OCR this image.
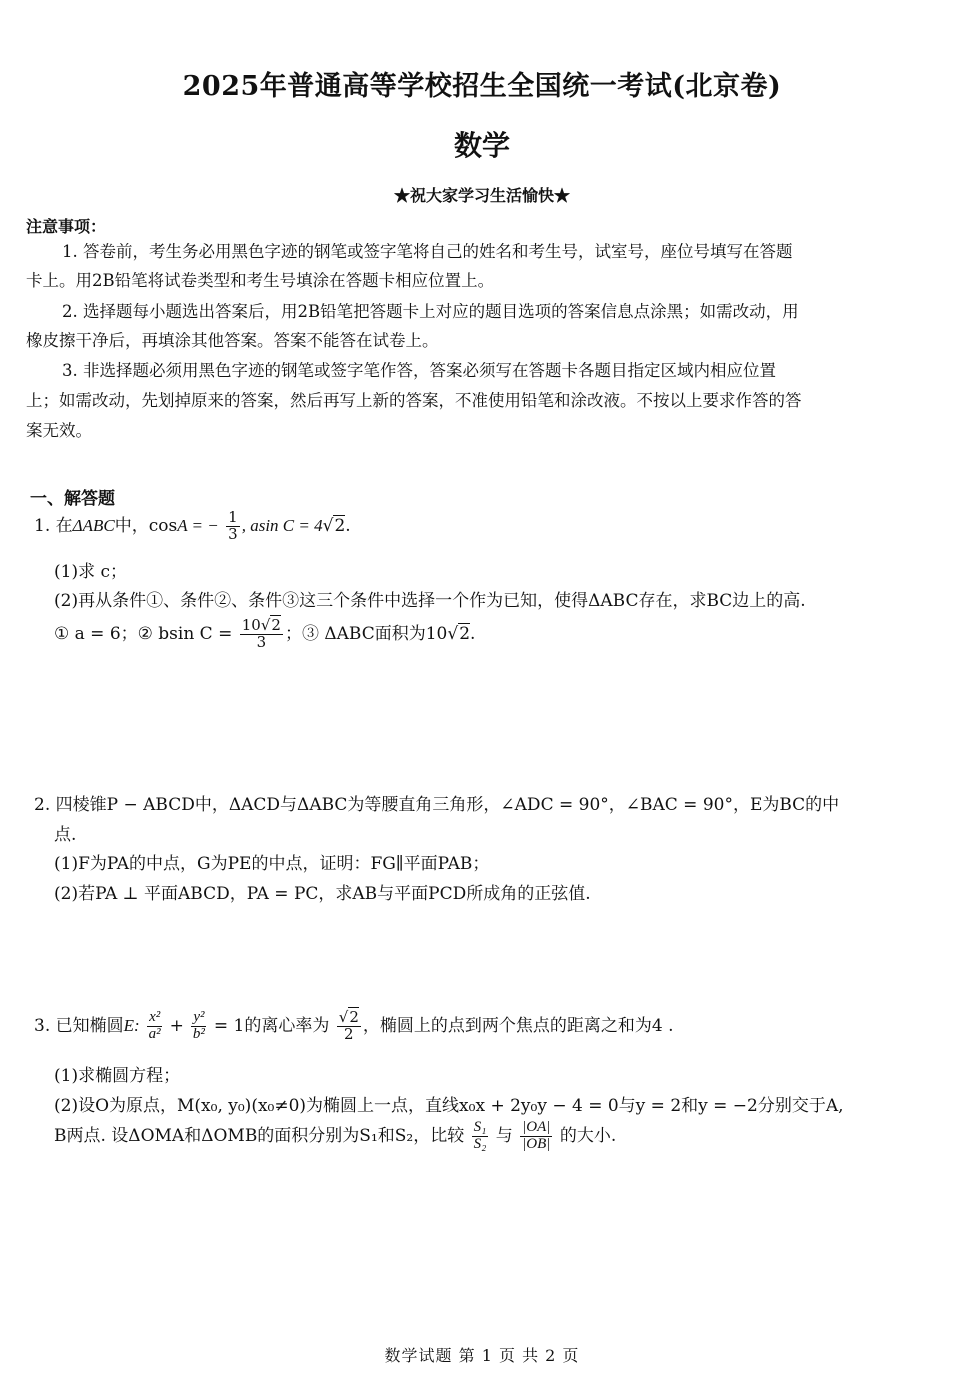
2025年普通高等学校招生全国统一考试(北京卷)
数学
★祝大家学习生活愉快★
注意事项：
1. 答卷前，考生务必用黑色字迹的钢笔或签字笔将自己的姓名和考生号，试室号，座位号填写在答题
卡上。用2B铅笔将试卷类型和考生号填涂在答题卡相应位置上。
2. 选择题每小题选出答案后，用2B铅笔把答题卡上对应的题目选项的答案信息点涂黑；如需改动，用
橡皮擦干净后，再填涂其他答案。答案不能答在试卷上。
3. 非选择题必须用黑色字迹的钢笔或签字笔作答，答案必须写在答题卡各题目指定区域内相应位置
上；如需改动，先划掉原来的答案，然后再写上新的答案，不准使用铅笔和涂改液。不按以上要求作答的答
案无效。
一、解答题
1. 在ΔABC中，cosA = − $\frac{1}{3}$ , asin C = 4√2.
(1)求 c；
(2)再从条件①、条件②、条件③这三个条件中选择一个作为已知，使得ΔABC存在，求BC边上的高.
① a = 6；② bsin $C = \frac{10√2}{3}$ ；③ ΔABC面积为10√2.
2. 四棱锥P − ABCD中，ΔACD与ΔABC为等腰直角三角形，∠ADC = 90°，∠BAC = 90°，E为BC的中
点.
(1)F为PA的中点，G为PE的中点，证明：FG∥平面PAB；
(2)若PA ⊥ 平面ABCD，PA = PC，求AB与平面PCD所成角的正弦值.
3. 已知椭圆E: $\frac{\text{x²}}{\text{a²}} + \frac{\text{y²}}{\text{b²}} = 1$的离心率为 $\frac{√2}{2}$ ，椭圆上的点到两个焦点的距离之和为4 .
(1)求椭圆方程；
(2)设O为原点，M(x₀, y₀)(x₀≠0)为椭圆上一点，直线x₀x + 2y₀y − 4 = 0与y = 2和y = −2分别交于A,
B两点. 设ΔOMA和ΔOMB的面积分别为S₁和S₂，比较 $\frac{\text{S₁}}{\text{S₂}}$ 与 $\frac{|OA|}{|OB|}$ 的大小.
数学试题 第 1 页 共 2 页
